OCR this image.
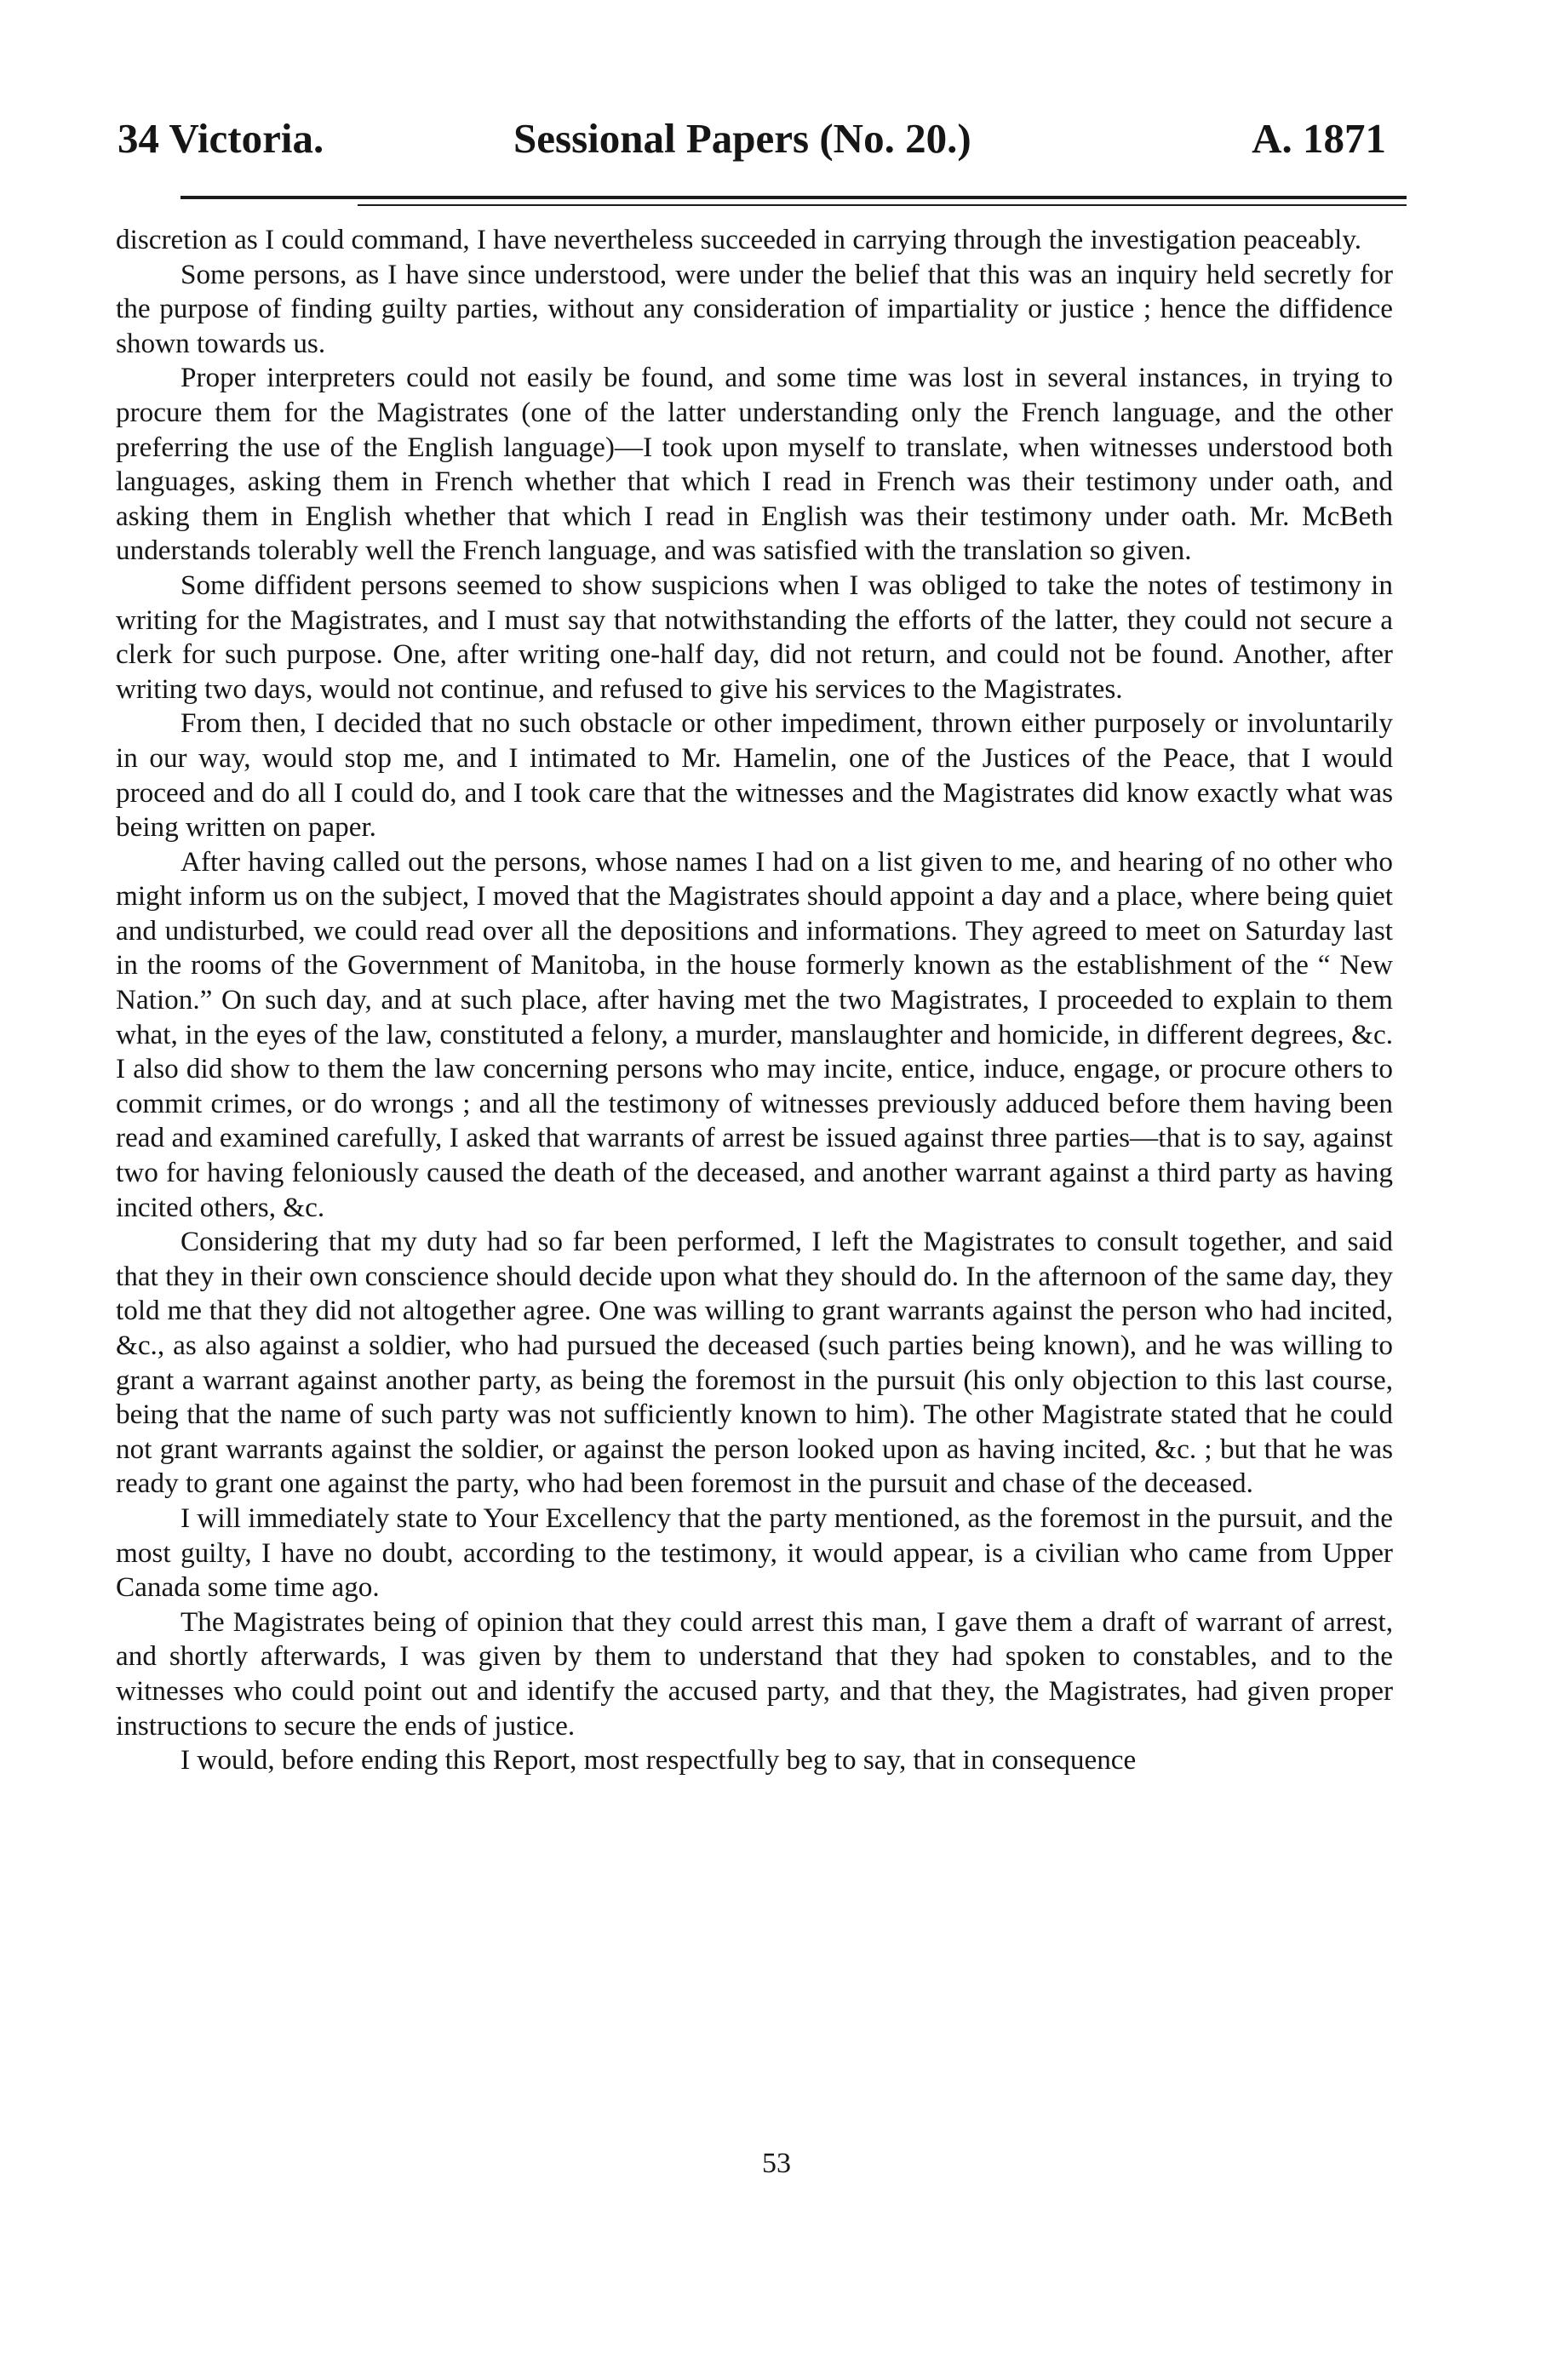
34 Victoria.	Sessional Papers (No. 20.)	A. 1871

discretion as I could command, I have nevertheless succeeded in carrying through the investigation peaceably.

Some persons, as I have since understood, were under the belief that this was an inquiry held secretly for the purpose of finding guilty parties, without any consideration of impartiality or justice ; hence the diffidence shown towards us.

Proper interpreters could not easily be found, and some time was lost in several instances, in trying to procure them for the Magistrates (one of the latter understanding only the French language, and the other preferring the use of the English language)—I took upon myself to translate, when witnesses understood both languages, asking them in French whether that which I read in French was their testimony under oath, and asking them in English whether that which I read in English was their testimony under oath. Mr. McBeth understands tolerably well the French language, and was satisfied with the translation so given.

Some diffident persons seemed to show suspicions when I was obliged to take the notes of testimony in writing for the Magistrates, and I must say that notwithstanding the efforts of the latter, they could not secure a clerk for such purpose. One, after writing one-half day, did not return, and could not be found. Another, after writing two days, would not continue, and refused to give his services to the Magistrates.

From then, I decided that no such obstacle or other impediment, thrown either purposely or involuntarily in our way, would stop me, and I intimated to Mr. Hamelin, one of the Justices of the Peace, that I would proceed and do all I could do, and I took care that the witnesses and the Magistrates did know exactly what was being written on paper.

After having called out the persons, whose names I had on a list given to me, and hearing of no other who might inform us on the subject, I moved that the Magistrates should appoint a day and a place, where being quiet and undisturbed, we could read over all the depositions and informations. They agreed to meet on Saturday last in the rooms of the Government of Manitoba, in the house formerly known as the establishment of the “ New Nation.” On such day, and at such place, after having met the two Magistrates, I proceeded to explain to them what, in the eyes of the law, constituted a felony, a murder, manslaughter and homicide, in different degrees, &c. I also did show to them the law concerning persons who may incite, entice, induce, engage, or procure others to commit crimes, or do wrongs ; and all the testimony of witnesses previously adduced before them having been read and examined carefully, I asked that warrants of arrest be issued against three parties—that is to say, against two for having feloniously caused the death of the deceased, and another warrant against a third party as having incited others, &c.

Considering that my duty had so far been performed, I left the Magistrates to consult together, and said that they in their own conscience should decide upon what they should do. In the afternoon of the same day, they told me that they did not altogether agree. One was willing to grant warrants against the person who had incited, &c., as also against a soldier, who had pursued the deceased (such parties being known), and he was willing to grant a warrant against another party, as being the foremost in the pursuit (his only objection to this last course, being that the name of such party was not sufficiently known to him). The other Magistrate stated that he could not grant warrants against the soldier, or against the person looked upon as having incited, &c. ; but that he was ready to grant one against the party, who had been foremost in the pursuit and chase of the deceased.

I will immediately state to Your Excellency that the party mentioned, as the foremost in the pursuit, and the most guilty, I have no doubt, according to the testimony, it would appear, is a civilian who came from Upper Canada some time ago.

The Magistrates being of opinion that they could arrest this man, I gave them a draft of warrant of arrest, and shortly afterwards, I was given by them to understand that they had spoken to constables, and to the witnesses who could point out and identify the accused party, and that they, the Magistrates, had given proper instructions to secure the ends of justice.

I would, before ending this Report, most respectfully beg to say, that in consequence

53
